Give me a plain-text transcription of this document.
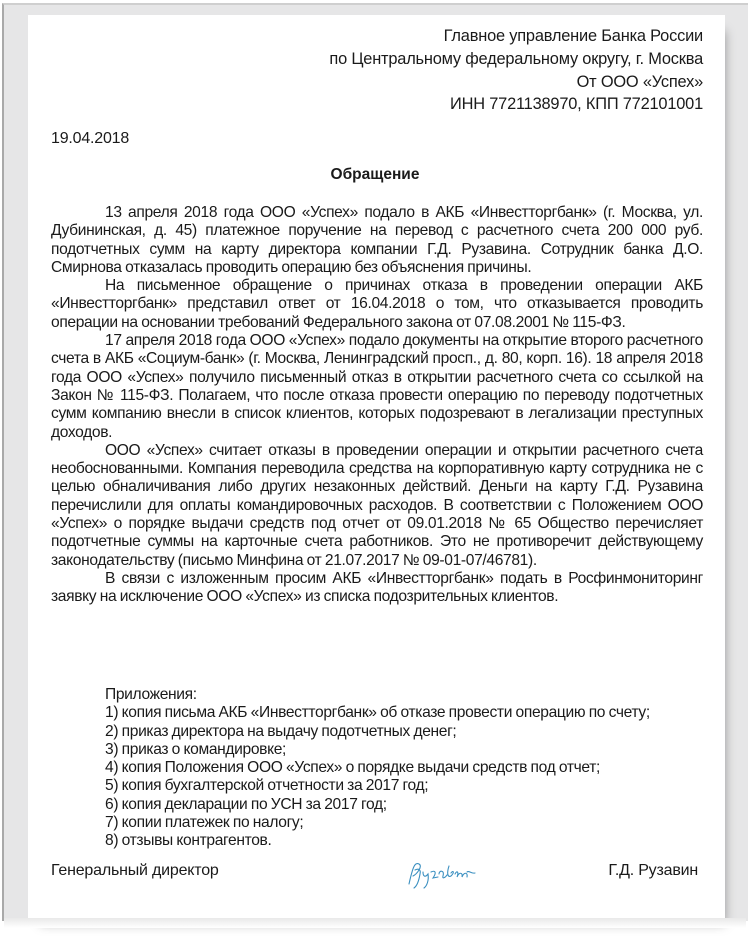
Главное управление Банка России
по Центральному федеральному округу, г. Москва
От ООО «Успех»
ИНН 7721138970, КПП 772101001
19.04.2018
Обращение

13 апреля 2018 года ООО «Успех» подало в АКБ «Инвестторгбанк» (г. Москва, ул. Дубининская, д. 45) платежное поручение на перевод с расчетного счета 200 000 руб. подотчетных сумм на карту директора компании Г.Д. Рузавина. Сотрудник банка Д.О. Смирнова отказалась проводить операцию без объяснения причины.

На письменное обращение о причинах отказа в проведении операции АКБ «Инвестторгбанк» представил ответ от 16.04.2018 о том, что отказывается проводить операции на основании требований Федерального закона от 07.08.2001 № 115-ФЗ.

17 апреля 2018 года ООО «Успех» подало документы на открытие второго расчетного счета в АКБ «Социум-банк» (г. Москва, Ленинградский просп., д. 80, корп. 16). 18 апреля 2018 года ООО «Успех» получило письменный отказ в открытии расчетного счета со ссылкой на Закон № 115-ФЗ. Полагаем, что после отказа провести операцию по переводу подотчетных сумм компанию внесли в список клиентов, которых подозревают в легализации преступных доходов.

ООО «Успех» считает отказы в проведении операции и открытии расчетного счета необоснованными. Компания переводила средства на корпоративную карту сотрудника не с целью обналичивания либо других незаконных действий. Деньги на карту Г.Д. Рузавина перечислили для оплаты командировочных расходов. В соответствии с Положением ООО «Успех» о порядке выдачи средств под отчет от 09.01.2018 № 65 Общество перечисляет подотчетные суммы на карточные счета работников. Это не противоречит действующему законодательству (письмо Минфина от 21.07.2017 № 09-01-07/46781).

В связи с изложенным просим АКБ «Инвестторгбанк» подать в Росфинмониторинг заявку на исключение ООО «Успех» из списка подозрительных клиентов.

Приложения:
1) копия письма АКБ «Инвестторгбанк» об отказе провести операцию по счету;
2) приказ директора на выдачу подотчетных денег;
3) приказ о командировке;
4) копия Положения ООО «Успех» о порядке выдачи средств под отчет;
5) копия бухгалтерской отчетности за 2017 год;
6) копия декларации по УСН за 2017 год;
7) копии платежек по налогу;
8) отзывы контрагентов.
Генеральный директор	Г.Д. Рузавин
